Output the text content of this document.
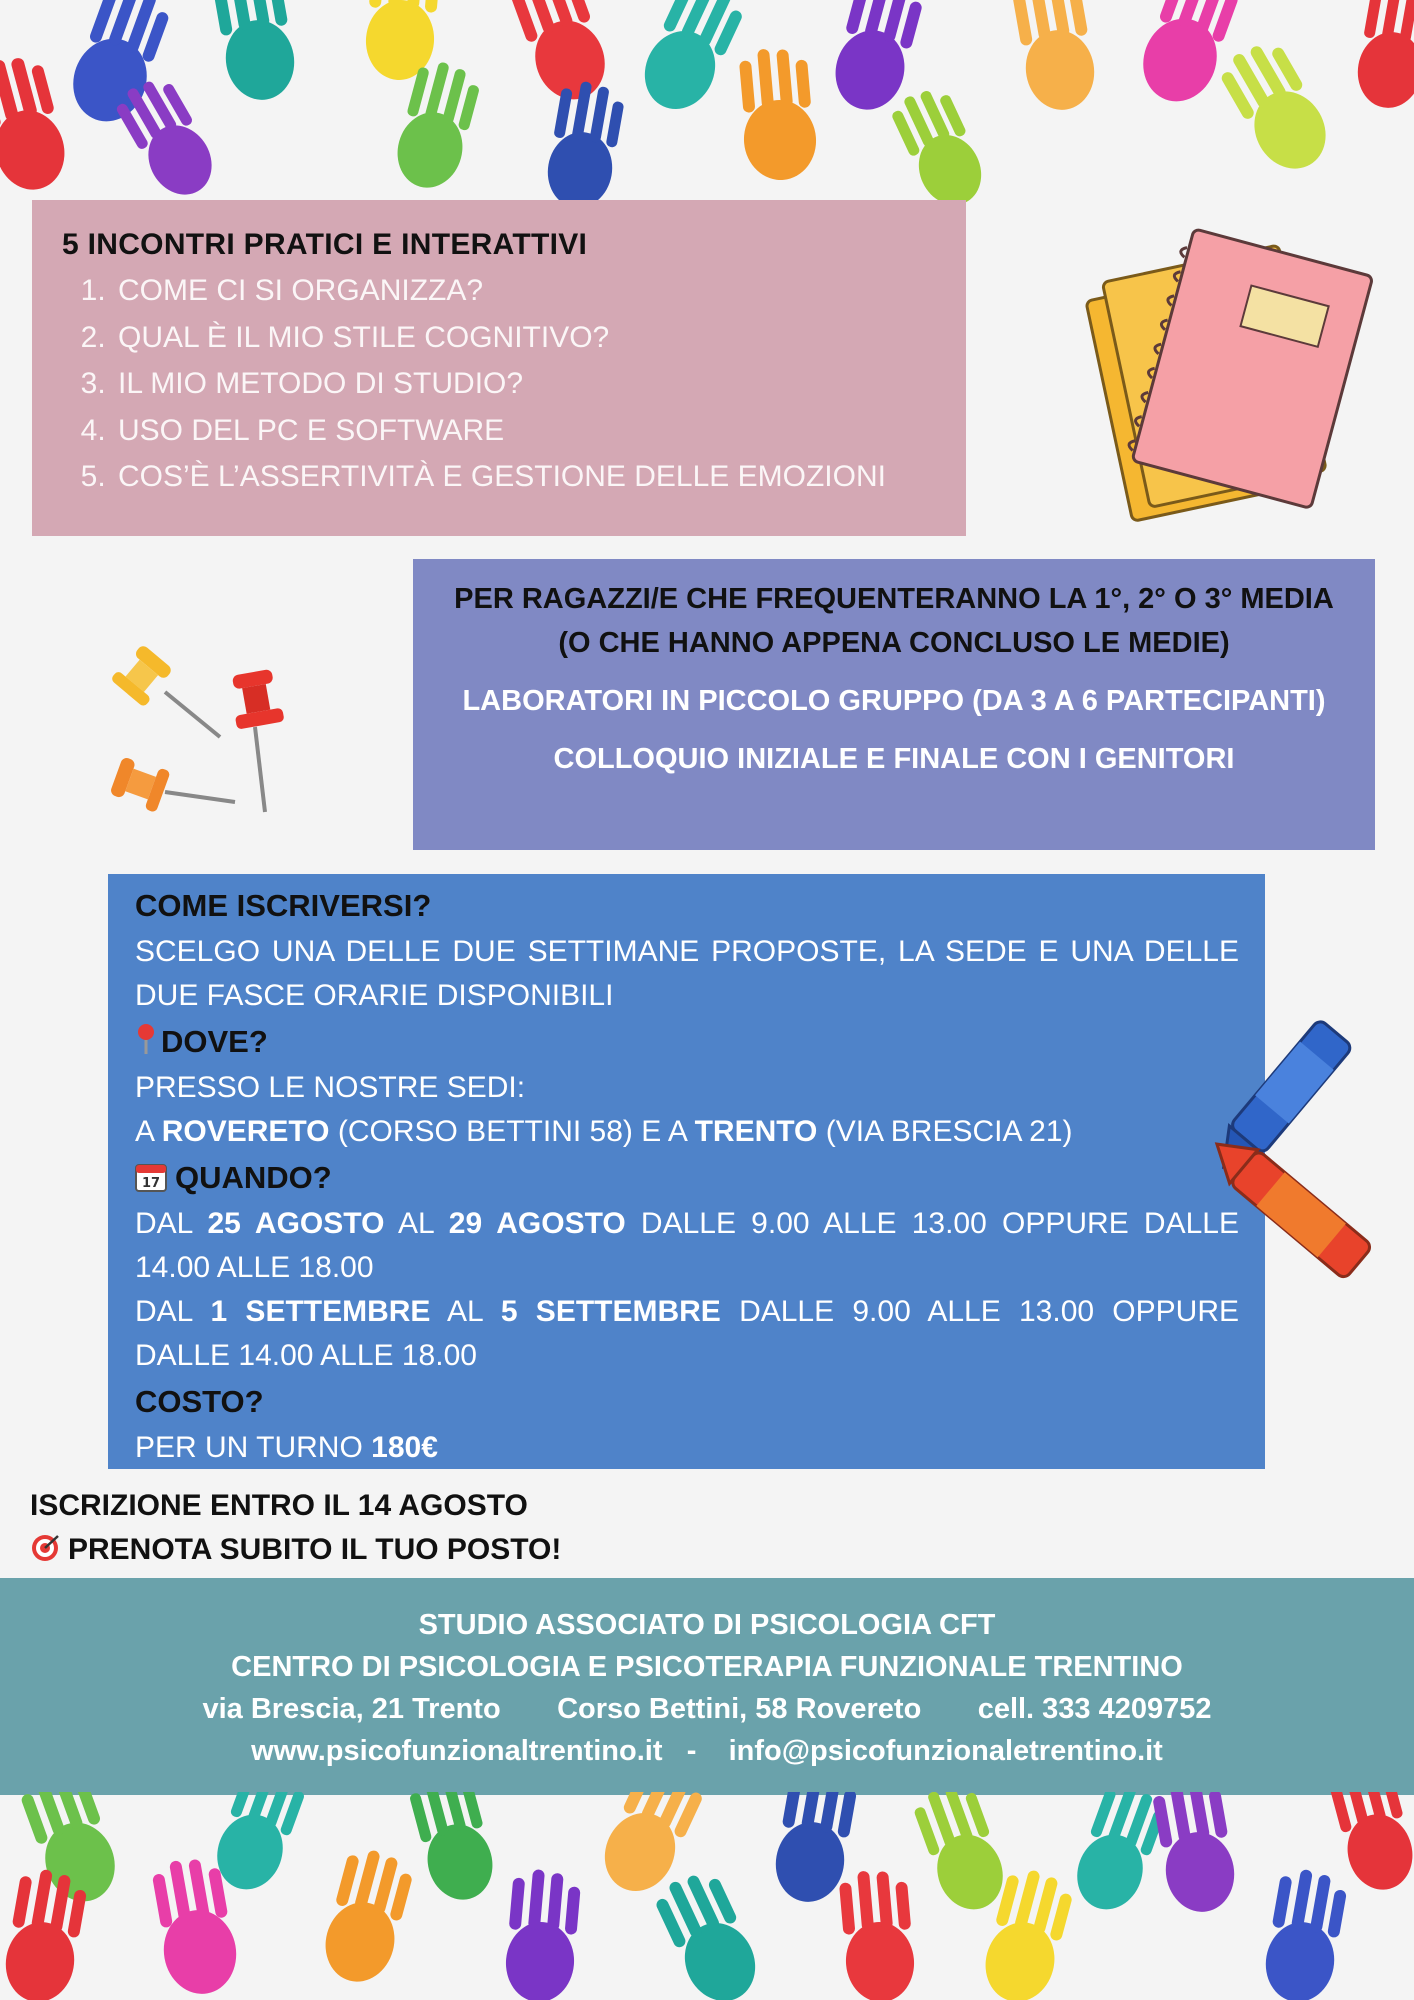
5 INCONTRI PRATICI E INTERATTIVI
1. COME CI SI ORGANIZZA?
2. QUAL È IL MIO STILE COGNITIVO?
3. IL MIO METODO DI STUDIO?
4. USO DEL PC E SOFTWARE
5. COS’È L’ASSERTIVITÀ E GESTIONE DELLE EMOZIONI

PER RAGAZZI/E CHE FREQUENTERANNO LA 1°, 2° O 3° MEDIA (O CHE HANNO APPENA CONCLUSO LE MEDIE)

LABORATORI IN PICCOLO GRUPPO (DA 3 A 6 PARTECIPANTI)

COLLOQUIO INIZIALE E FINALE CON I GENITORI

COME ISCRIVERSI?
SCELGO UNA DELLE DUE SETTIMANE PROPOSTE, LA SEDE E UNA DELLE DUE FASCE ORARIE DISPONIBILI
DOVE?
PRESSO LE NOSTRE SEDI:
A ROVERETO (CORSO BETTINI 58) E A TRENTO (VIA BRESCIA 21)
17 QUANDO?
DAL 25 AGOSTO AL 29 AGOSTO DALLE 9.00 ALLE 13.00 OPPURE DALLE 14.00 ALLE 18.00
DAL 1 SETTEMBRE AL 5 SETTEMBRE DALLE 9.00 ALLE 13.00 OPPURE DALLE 14.00 ALLE 18.00
COSTO?
PER UN TURNO 180€
ISCRIZIONE ENTRO IL 14 AGOSTO
PRENOTA SUBITO IL TUO POSTO!
STUDIO ASSOCIATO DI PSICOLOGIA CFT
CENTRO DI PSICOLOGIA E PSICOTERAPIA FUNZIONALE TRENTINO
via Brescia, 21 Trento Corso Bettini, 58 Rovereto cell. 333 4209752
www.psicofunzionaltrentino.it - info@psicofunzionaletrentino.it
